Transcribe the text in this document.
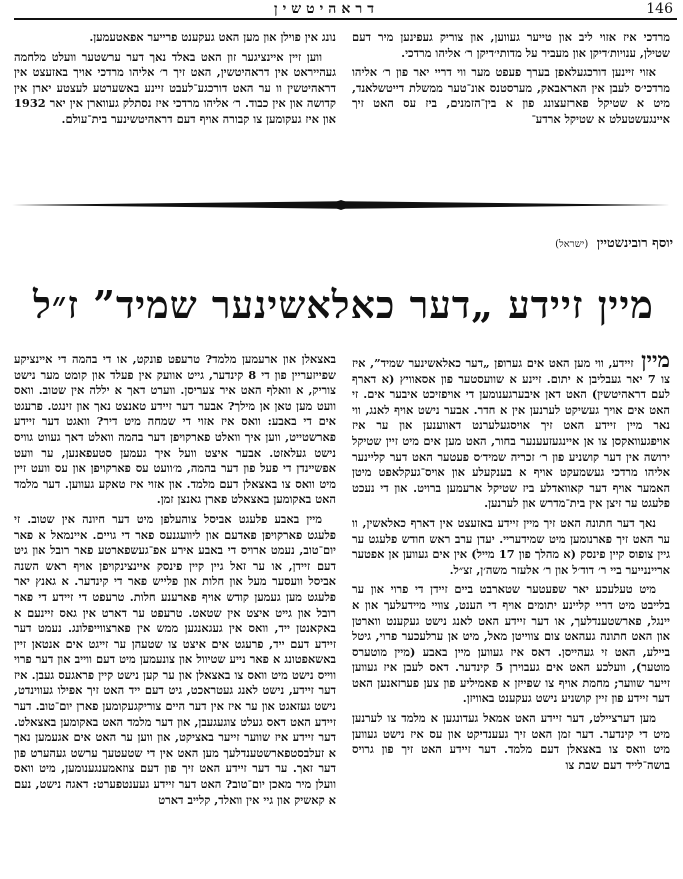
דראהיטשין	146

מרדכי איז אזוי ליב און טייער געווען, און צוריק געפינען מיר דעם שטילן, ענויות׳דיקן און מעביר על מדותי׳דיקן ר׳ אליהו מרדכי.

אזוי זיינען דורכגעלאפן בערך פעפט מער ווי דריי יאר פון ר׳ אליהו מרדכי׳ס לעבן אין האראבאק, מערסטנס אונ־טער ממשלת דייטשלאנד, מיט א שטיקל פארזעצונג פון א בין־הזמנים, ביז עס האט זיך איינגעשטעלט א שטיקל ארדע־

נונג אין פוילן און מען האט געקענט פרייער אפאטעמען.

ווען זיין איינציגער זון האט באלד נאך דער ערשטער וועלט מלחמה געהייראט אין דראהיטשין, האט זיך ר׳ אליהו מרדכי אויך באזעצט אין דראהיטשין וו ער האט דורכגע־לעבט זיינע באשערטע לעצטע יארן אין קדושה און אין כבוד. ר׳ אליהו מרדכי איז נסתלק געווארן אין יאר 1932 און איז געקומען צו קבורה אויף דעם דראהיטשינער בית־עולם.

יוסף רובינשטיין (ישראל)
מיין זיידע „דער כאלאשינער שמיד” ז״ל

מיין זיידע, ווי מען האט אים גערופן „דער כאלאשינער שמיד”, איז צו 7 יאר געבליבן א יתום. זיינע א שוועסטער פון אסאוויץ (א דארף לעם דראהיטשין) האט דאן איבערגענומען די אויפזיכט איבער אים. זי האט אים אויך געשיקט לערנען אין א חדר. אבער נישט אויף לאנג, ווי נאר מיין זיידע האט זיך אויסגעלערנט דאווענען און ער איז אויפגעוואקסן צו אן איינגעזעענער בחור, האט מען אים מיט זיין שטיקל ירושה אין דער קושניע פון ר׳ זכריה שמיד׳ס פעטער האט דער קליינער אליהו מרדכי געשמעקט אויף א בענקעלע און אויס־געקלאפט מיטן האמער אויף דער קאוואדלע ביז שטיקל ארעמען ברויט. און די נעכט פלעגט ער זיצן אין בית־מדרש און לערנען.

נאך דער חתונה האט זיך מיין זיידע באזעצט אין דארף כאלאשין, וו ער האט זיך פארנומען מיט שמידעריי. יעדן ערב ראש חודש פלעגט ער גיין צופוס קיין פינסק (א מהלך פון 17 מייל) אין אים געווען אן אפטער ארייננייער ביי ר׳ דוד׳ל און ר׳ אלעזר משה׳ן, זצ״ל.

מיט טעלעכע יאר שפעטער שטארבט ביים זיידן די פרוי און ער בלייבט מיט דריי קליינע יתומים אויף די הענט, צוויי מיידעלעך און א יינגל, פארשטענדלעך, או דער זיידע האט לאנג נישט געקענט ווארטן און האט חתונה געהאט צום צווייטן מאל, מיט אן ערלעכער פרוי, גיטל ביילע, האט זי געהייסן. דאס איז געווען מיין באבע (מיין מוטערס מוטער), וועלכע האט אים געבוירן 5 קינדער. דאס לעבן איז געווען זייער שווער; מחמת אויף צו שפייזן א פאמיליע פון צען פערזאנען האט דער זיידע פון זיין קושניע נישט געקענט באוויזן.

מען דערציילט, דער זיידע האט אמאל געדונגען א מלמד צו לערנען מיט די קינדער. דער זמן האט זיך געענדיקט און עס איז נישט געווען מיט וואס צו באצאלן דעם מלמד. דער זיידע האט זיך פון גרויס בושה־לייד דעם שבת צו

באצאלן און ארעמען מלמד? טרעפט פונקט, או די בהמה די איינציקע שפייזעריין פון די 8 קינדער, גייט אוועק אין פעלד און קומט מער נישט צוריק, א וואלף האט איר צעריסן. ווערט דאך א יללה אין שטוב. וואס וועט מען טאן אן מילך? אבער דער זיידע טאנצט נאך און זינגט. פרעגט אים די באבע: וואס איז אזוי די שמחה מיט דיר? וואגט דער זיידע פארשטייט, ווען איך וואלט פארקויפן דער בהמה וואלט דאך געווט גוויס נישט געלאזט. אבער איצט וועל איך געמען סטעפאנען, ער וועט אפשיינדן די פעל פון דער בהמה, מ׳וועט עס פארקויפן און עס וועט זיין מיט וואס צו באצאלן דעם מלמד. און אזוי איז טאקע געווען. דער מלמד האט באקומען באצאלט פארן גאנצן זמן.

מיין באבע פלעגט אביסל צוהעלפן מיט דער חיונה אין שטוב. זי פלעגט פארקויפן פאדעם און ליוועגנעס פאר די גויים. איינמאל א פאר יום־טוב, נעמט ארויס די באבע אירע אפ־געשפארטע פאר רובל און גיט דעם זיידן, או ער זאל גיין קיין פינסק איינצינקויפן אויף ראש השנה אביסל וועסער מעל און חלות און פלייש פאר די קינדער. א גאנץ יאר פלעגט מען געמען קודש אויף פארענע חלות. טרעפט די זיידע די פאר רובל און גייט איצט אין שטאט. טרעפט ער דארט אין גאס זיינעם א באקאנטן ייד, וואס אין געגאנגען ממש אין פארצווייפלונג. נעמט דער זיידע דעם ייד, פרעגט אים איצט צו שטעהן ער זייגט אים אנטאן זיין באשאפטונג א פאר נייע שטיוול און צונעמען מיט דעם ווייב און דער פרוי ווייס נישט מיט וואס צו באצאלן און ער קען נישט קיין פראגעס געבן. איז דער זיידע, נישט לאנג געטראכט, גיט דעם ייד האט זיך אפילו געווינדט, נישט געזאגט און ער איז אין דער היים צוריקגעקומען פארן יום־טוב. דער זיידע האט דאס געלט צוגעגעבן, און דער מלמד האט באקומען באצאלט. דער זיידע איז שווער זייער באציקט, און ווען ער האט אים אגעמען נאך א זעלבסטפארשטענדלעך מען האט אין די שטעטעך ערשט געהערט פון דער זאך. ער דער זיידע האט זיך פון דעם צוזאמענגענומען, מיט וואס וועלן מיר מאכן יום־טוב? האט דער זיידע געענטפערט: דאגה נישט, נעם א קאשיק און גיי אין וואלד, קלייב דארט
